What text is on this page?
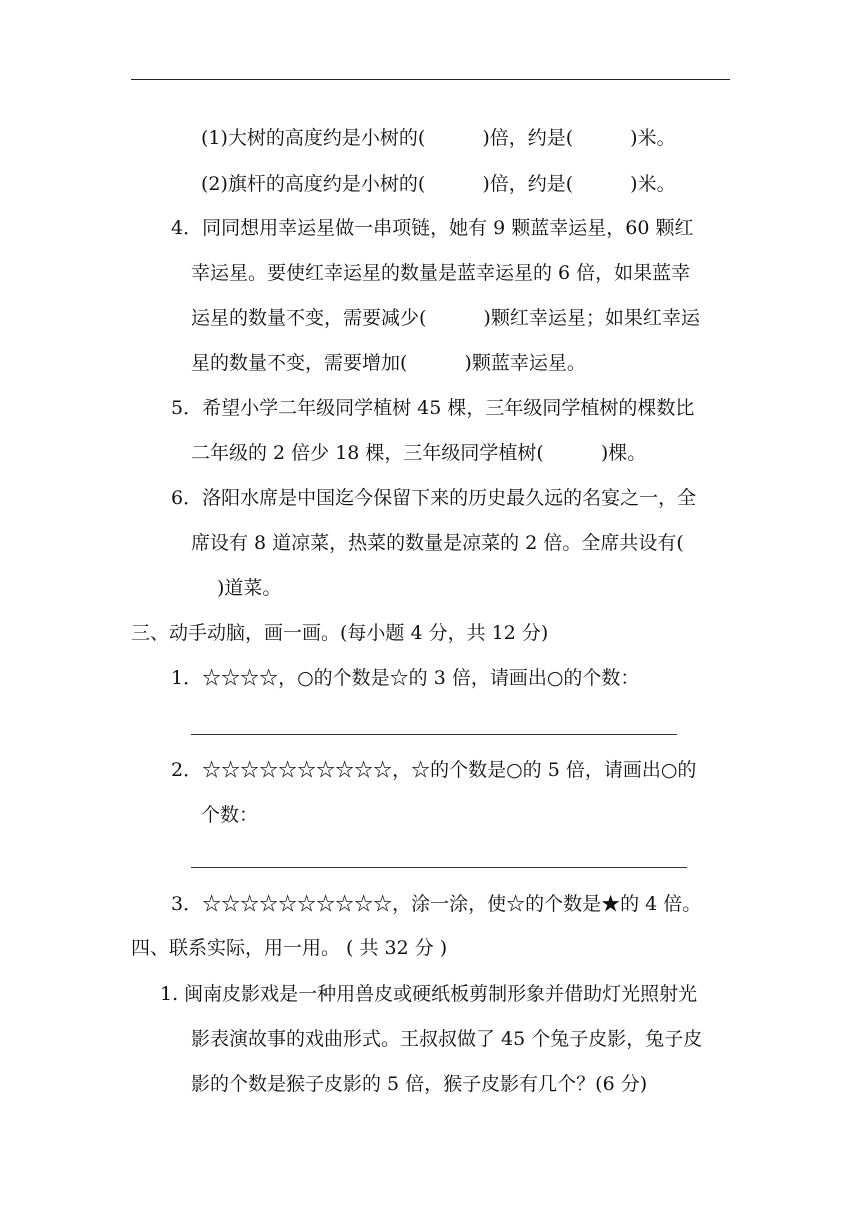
(1)大树的高度约是小树的(　　　)倍，约是(　　　)米。
(2)旗杆的高度约是小树的(　　　)倍，约是(　　　)米。
4．同同想用幸运星做一串项链，她有 9 颗蓝幸运星，60 颗红
幸运星。要使红幸运星的数量是蓝幸运星的 6 倍，如果蓝幸
运星的数量不变，需要减少(　　　)颗红幸运星；如果红幸运
星的数量不变，需要增加(　　　)颗蓝幸运星。
5．希望小学二年级同学植树 45 棵，三年级同学植树的棵数比
二年级的 2 倍少 18 棵，三年级同学植树(　　　)棵。
6．洛阳水席是中国迄今保留下来的历史最久远的名宴之一，全
席设有 8 道凉菜，热菜的数量是凉菜的 2 倍。全席共设有(
)道菜。
三、动手动脑，画一画。(每小题 4 分，共 12 分)
1．☆☆☆☆，○的个数是☆的 3 倍，请画出○的个数：
2．☆☆☆☆☆☆☆☆☆☆，☆的个数是○的 5 倍，请画出○的
个数：
3．☆☆☆☆☆☆☆☆☆☆，涂一涂，使☆的个数是★的 4 倍。
四、联系实际，用一用。 ( 共 32 分 )
1. 闽南皮影戏是一种用兽皮或硬纸板剪制形象并借助灯光照射光
影表演故事的戏曲形式。王叔叔做了 45 个兔子皮影，兔子皮
影的个数是猴子皮影的 5 倍，猴子皮影有几个？(6 分)
